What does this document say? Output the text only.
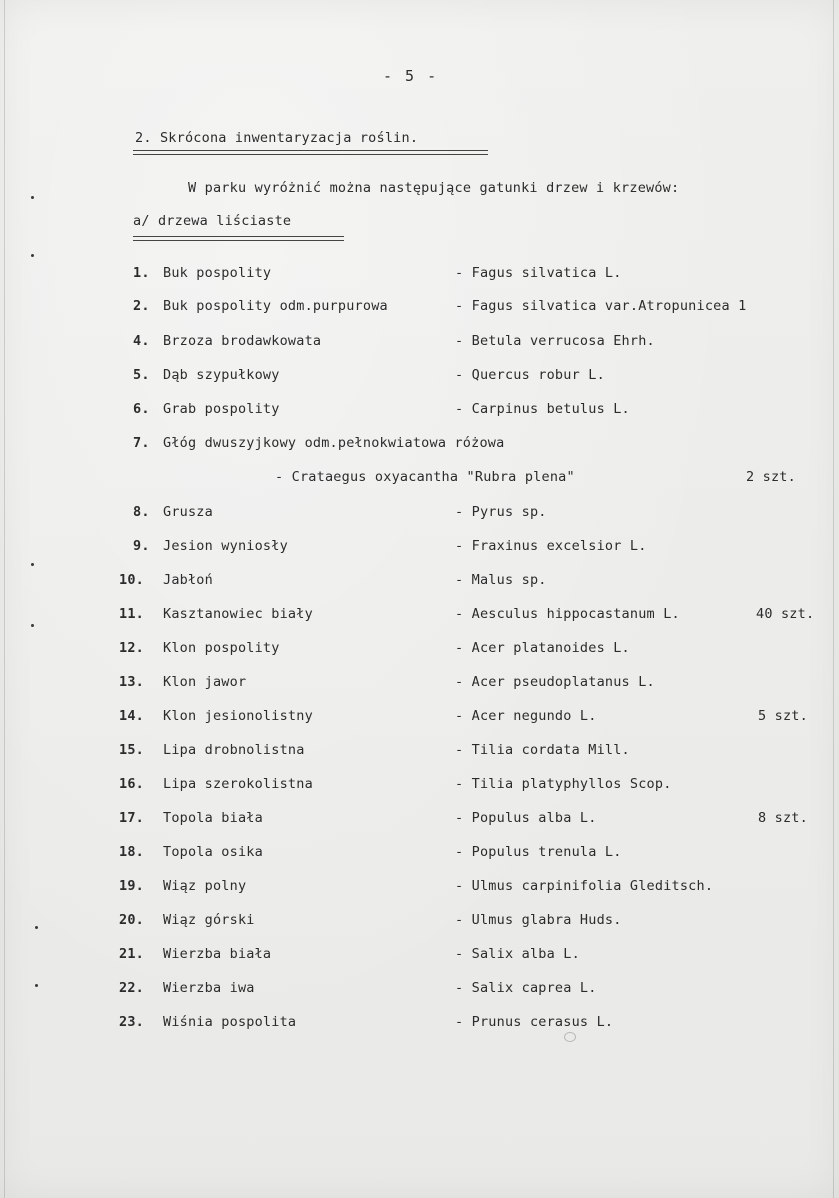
- 5 -
2. Skrócona inwentaryzacja roślin.
W parku wyróżnić można następujące gatunki drzew i krzewów:
a/ drzewa liściaste
1. Buk pospolity	- Fagus silvatica L.
2. Buk pospolity odm.purpurowa	- Fagus silvatica var.Atropunicea 1
4. Brzoza brodawkowata	- Betula verrucosa Ehrh.
5. Dąb szypułkowy	- Quercus robur L.
6. Grab pospolity	- Carpinus betulus L.
7. Głóg dwuszyjkowy odm.pełnokwiatowa różowa
- Crataegus oxyacantha "Rubra plena"	2 szt.
8. Grusza	- Pyrus sp.
9. Jesion wyniosły	- Fraxinus excelsior L.
10. Jabłoń	- Malus sp.
11. Kasztanowiec biały	- Aesculus hippocastanum L.	40 szt.
12. Klon pospolity	- Acer platanoides L.
13. Klon jawor	- Acer pseudoplatanus L.
14. Klon jesionolistny	- Acer negundo L.	5 szt.
15. Lipa drobnolistna	- Tilia cordata Mill.
16. Lipa szerokolistna	- Tilia platyphyllos Scop.
17. Topola biała	- Populus alba L.	8 szt.
18. Topola osika	- Populus trenula L.
19. Wiąz polny	- Ulmus carpinifolia Gleditsch.
20. Wiąz górski	- Ulmus glabra Huds.
21. Wierzba biała	- Salix alba L.
22. Wierzba iwa	- Salix caprea L.
23. Wiśnia pospolita	- Prunus cerasus L.
